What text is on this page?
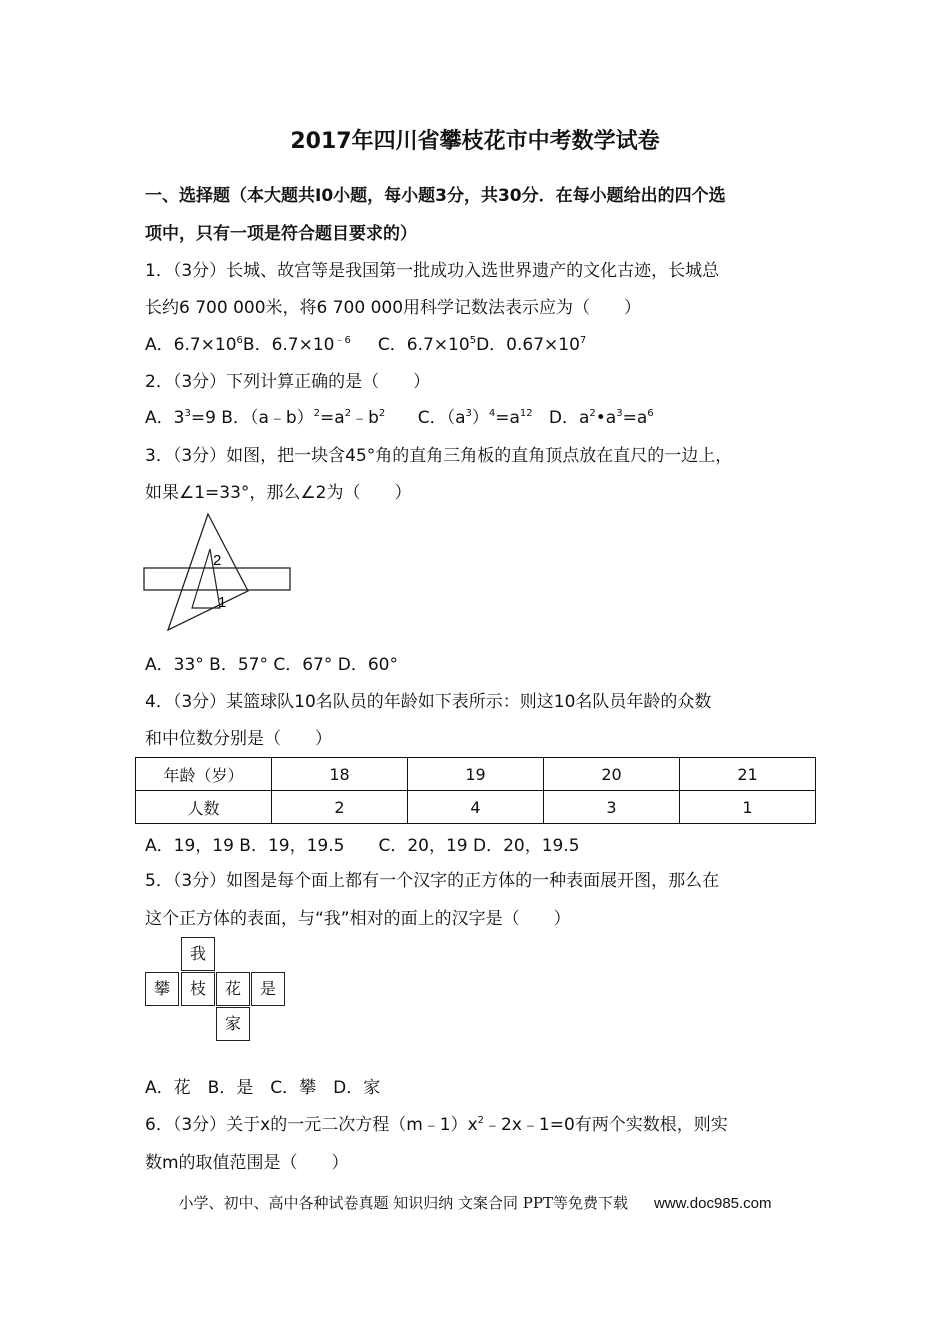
2017年四川省攀枝花市中考数学试卷
一、选择题（本大题共I0小题，每小题3分，共30分．在每小题给出的四个选
项中，只有一项是符合题目要求的）
1．（3分）长城、故宫等是我国第一批成功入选世界遗产的文化古迹，长城总
长约6 700 000米，将6 700 000用科学记数法表示应为（　　）
A．$6.7\times 10^6B$．$6.7\times 10^{﹣6}$ C．$6.7\times 10^5D$．$0.67\times 10^7$
2．（3分）下列计算正确的是（　　）
A．$3^3=9$ B．$(a﹣b)^2=a^2﹣b^2$ C．$(a^3)^4=a^{12}$ D．$a^2•a^3=a^6$
3．（3分）如图，把一块含45°角的直角三角板的直角顶点放在直尺的一边上，
如果∠1=33°，那么∠2为（　　）
2
1
A．33° B．57° C．67° D．60°
4．（3分）某篮球队10名队员的年龄如下表所示：则这10名队员年龄的众数
和中位数分别是（　　）
年龄（岁）	18	19	20	21
人数	2	4	3	1
A．19，19 B．19，19.5　　C．20，19 D．20，19.5
5．（3分）如图是每个面上都有一个汉字的正方体的一种表面展开图，那么在
这个正方体的表面，与“我”相对的面上的汉字是（　　）
我
攀	枝	花	是
家
A．花　B．是　C．攀　D．家
6．（3分）关于x的一元二次方程$(m﹣1)x^2﹣2x﹣1=0$有两个实数根，则实
数m的取值范围是（　　）
小学、初中、高中各种试卷真题 知识归纳 文案合同 PPT等免费下载 www.doc985.com
